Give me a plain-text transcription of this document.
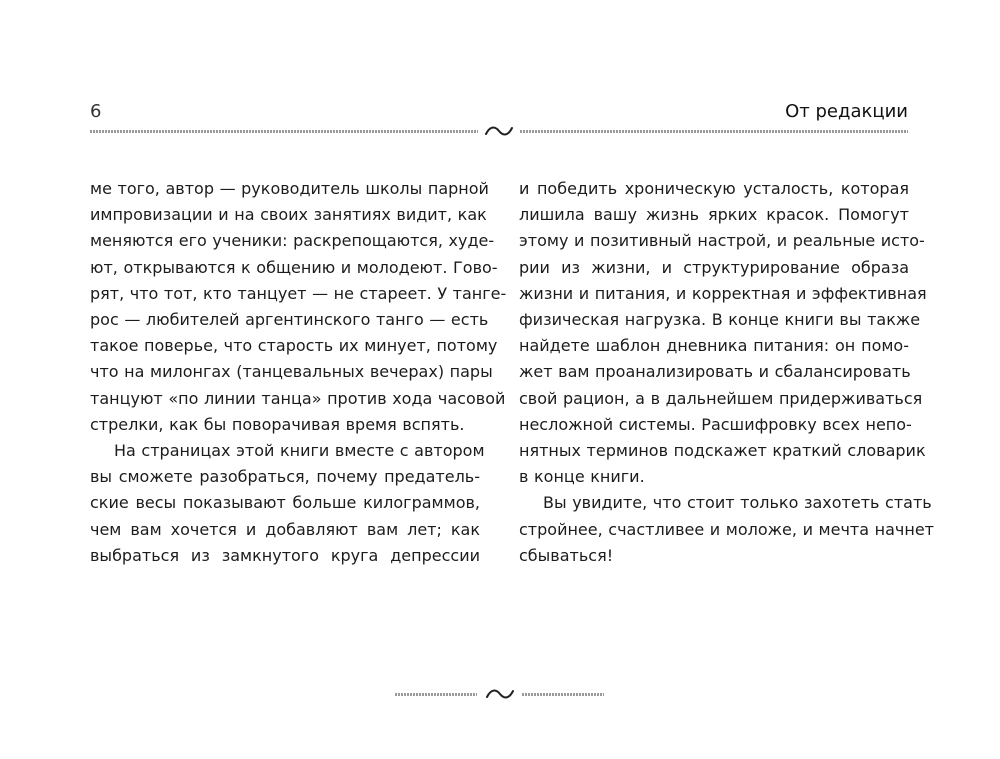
6	От редакции

ме того, автор — руководитель школы парной
импровизации и на своих занятиях видит, как
меняются его ученики: раскрепощаются, худе-
ют, открываются к общению и молодеют. Гово-
рят, что тот, кто танцует — не стареет. У танге-
рос — любителей аргентинского танго — есть
такое поверье, что старость их минует, потому
что на милонгах (танцевальных вечерах) пары
танцуют «по линии танца» против хода часовой
стрелки, как бы поворачивая время вспять.

На страницах этой книги вместе с автором
вы сможете разобраться, почему предатель-
ские весы показывают больше килограммов,
чем вам хочется и добавляют вам лет; как
выбраться из замкнутого круга депрессии

и победить хроническую усталость, которая
лишила вашу жизнь ярких красок. Помогут
этому и позитивный настрой, и реальные исто-
рии из жизни, и структурирование образа
жизни и питания, и корректная и эффективная
физическая нагрузка. В конце книги вы также
найдете шаблон дневника питания: он помо-
жет вам проанализировать и сбалансировать
свой рацион, а в дальнейшем придерживаться
несложной системы. Расшифровку всех непо-
нятных терминов подскажет краткий словарик
в конце книги.

Вы увидите, что стоит только захотеть стать
стройнее, счастливее и моложе, и мечта начнет
сбываться!
